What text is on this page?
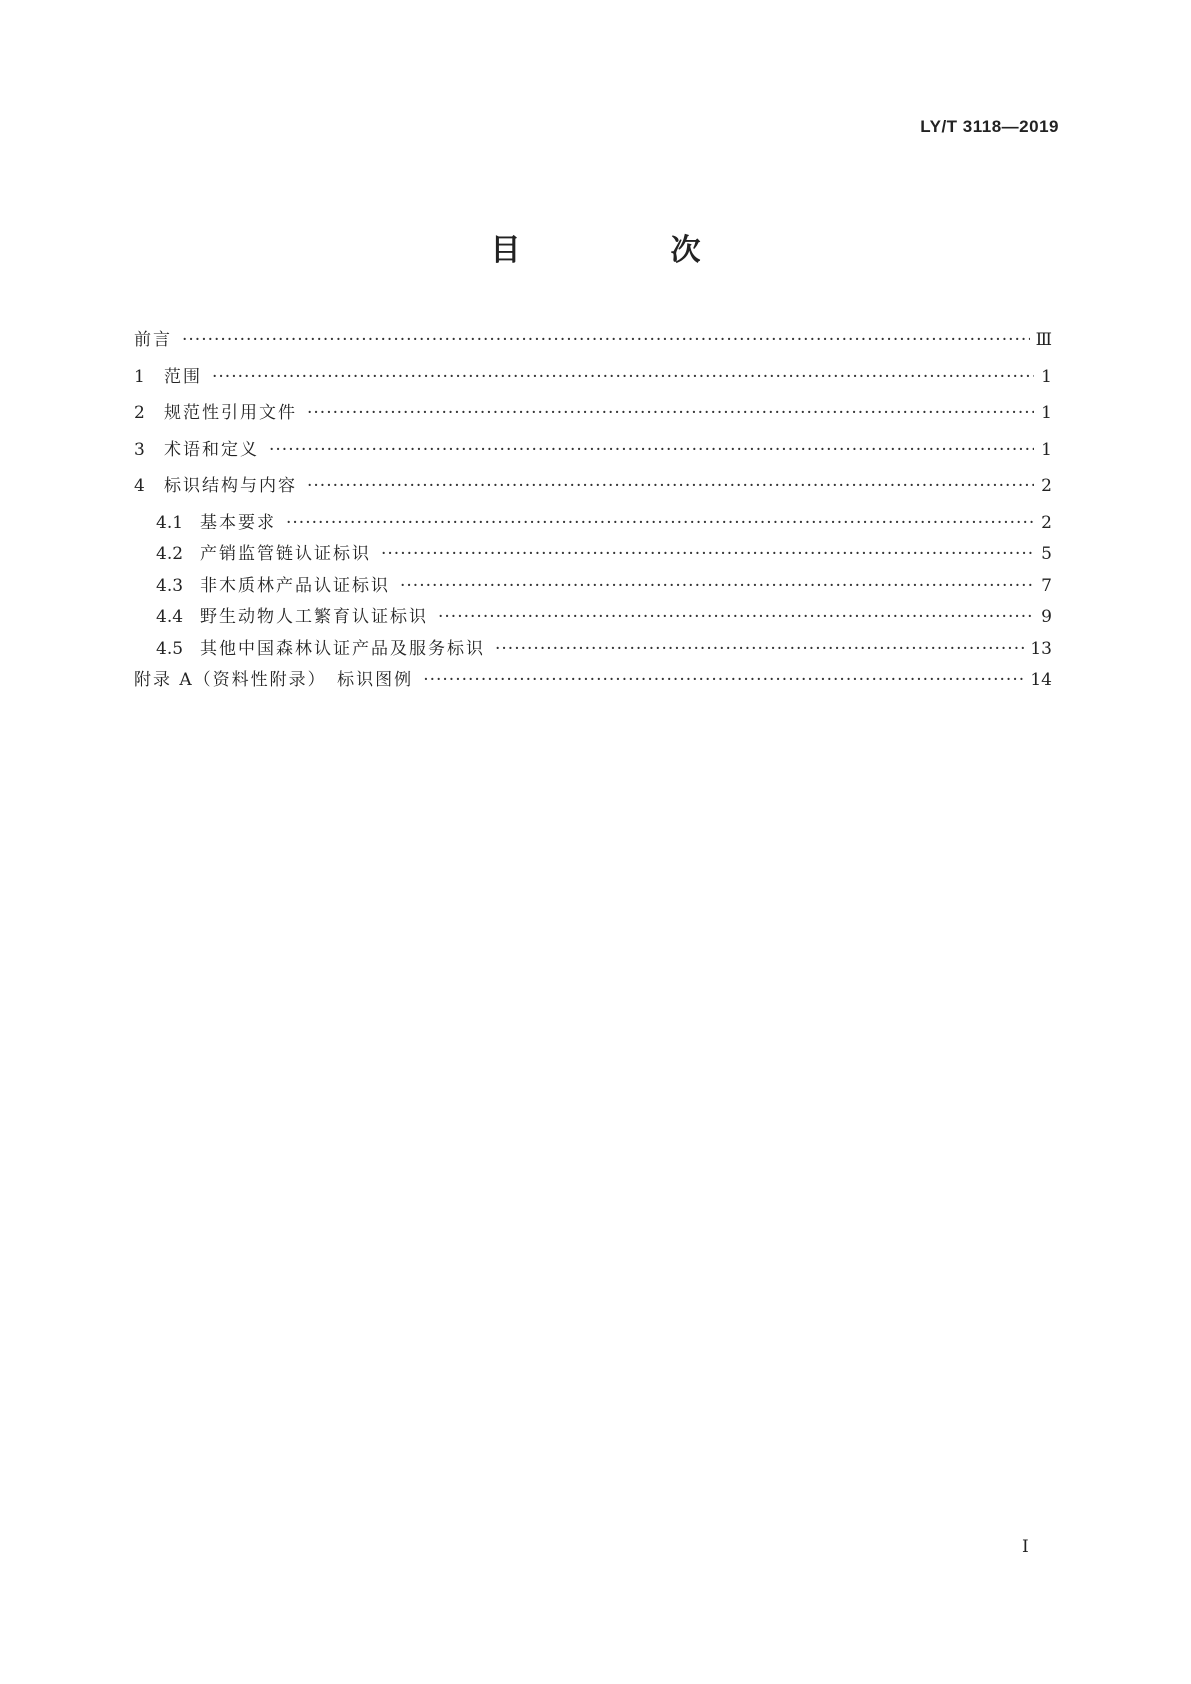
LY/T 3118—2019
目　次
前言 ·····	Ⅲ
1	范围 ·····	1
2	规范性引用文件 ·····	1
3	术语和定义 ·····	1
4	标识结构与内容 ·····	2
4.1 基本要求 ·····	2
4.2 产销监管链认证标识 ·····	5
4.3 非木质林产品认证标识 ·····	7
4.4 野生动物人工繁育认证标识 ·····	9
4.5 其他中国森林认证产品及服务标识 ·····	13
附录 A（资料性附录）　标识图例 ·····	14
I
